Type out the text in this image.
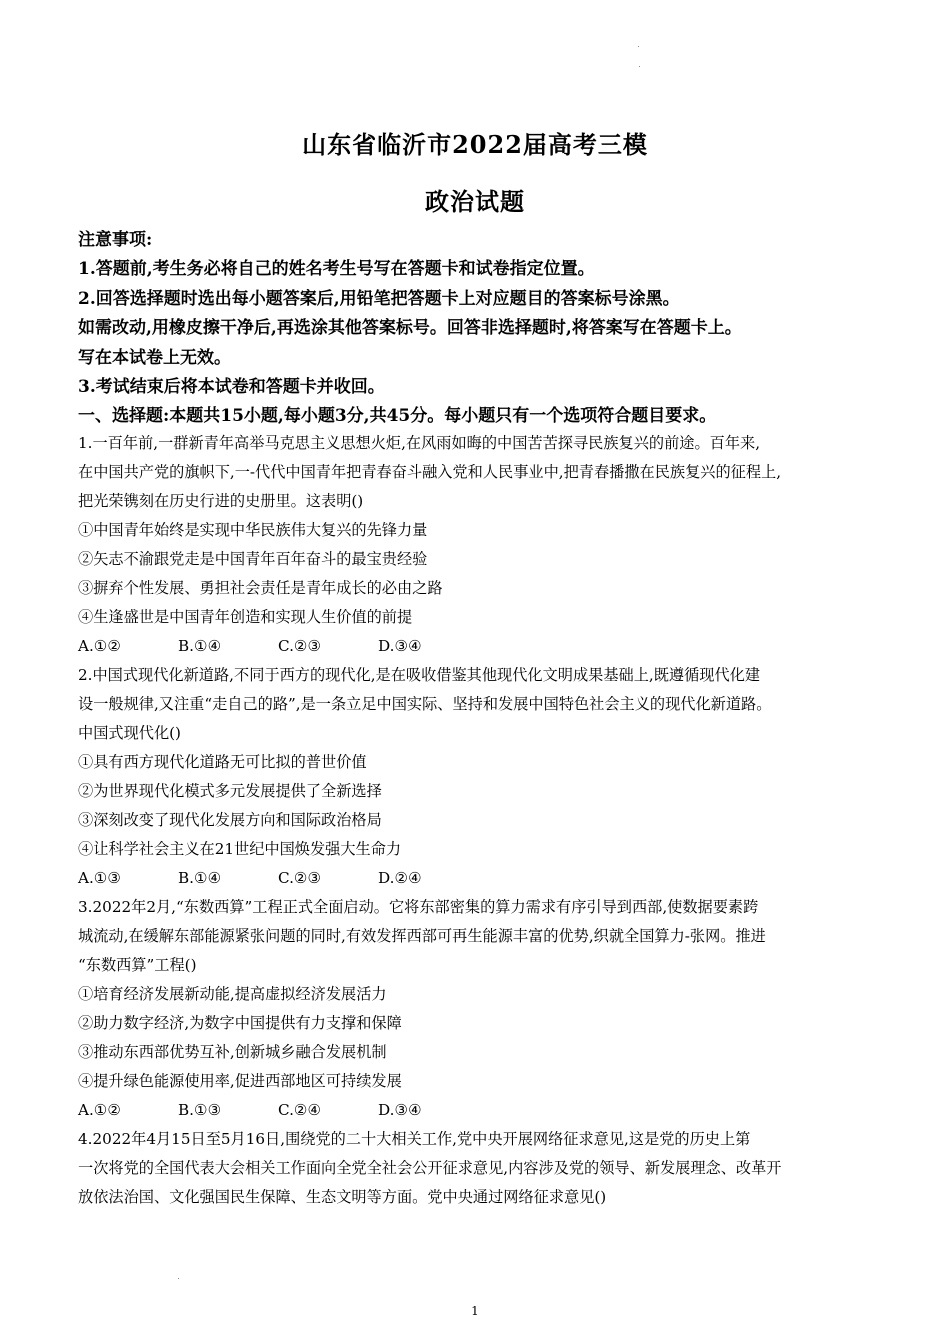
山东省临沂市2022届高考三模
政治试题
注意事项:
1.答题前,考生务必将自己的姓名考生号写在答题卡和试卷指定位置。
2.回答选择题时选出每小题答案后,用铅笔把答题卡上对应题目的答案标号涂黑。
如需改动,用橡皮擦干净后,再选涂其他答案标号。回答非选择题时,将答案写在答题卡上。
写在本试卷上无效。
3.考试结束后将本试卷和答题卡并收回。
一、选择题:本题共15小题,每小题3分,共45分。每小题只有一个选项符合题目要求。
1.一百年前,一群新青年高举马克思主义思想火炬,在风雨如晦的中国苦苦探寻民族复兴的前途。百年来,
在中国共产党的旗帜下,一-代代中国青年把青春奋斗融入党和人民事业中,把青春播撒在民族复兴的征程上,
把光荣镌刻在历史行进的史册里。这表明()
①中国青年始终是实现中华民族伟大复兴的先锋力量
②矢志不渝跟党走是中国青年百年奋斗的最宝贵经验
③摒弃个性发展、勇担社会责任是青年成长的必由之路
④生逢盛世是中国青年创造和实现人生价值的前提
A.①②	B.①④	C.②③	D.③④
2.中国式现代化新道路,不同于西方的现代化,是在吸收借鉴其他现代化文明成果基础上,既遵循现代化建
设一般规律,又注重“走自己的路”,是一条立足中国实际、坚持和发展中国特色社会主义的现代化新道路。
中国式现代化()
①具有西方现代化道路无可比拟的普世价值
②为世界现代化模式多元发展提供了全新选择
③深刻改变了现代化发展方向和国际政治格局
④让科学社会主义在21世纪中国焕发强大生命力
A.①③	B.①④	C.②③	D.②④
3.2022年2月,“东数西算”工程正式全面启动。它将东部密集的算力需求有序引导到西部,使数据要素跨
城流动,在缓解东部能源紧张问题的同时,有效发挥西部可再生能源丰富的优势,织就全国算力-张网。推进
“东数西算”工程()
①培育经济发展新动能,提高虚拟经济发展活力
②助力数字经济,为数字中国提供有力支撑和保障
③推动东西部优势互补,创新城乡融合发展机制
④提升绿色能源使用率,促进西部地区可持续发展
A.①②	B.①③	C.②④	D.③④
4.2022年4月15日至5月16日,围绕党的二十大相关工作,党中央开展网络征求意见,这是党的历史上第
一次将党的全国代表大会相关工作面向全党全社会公开征求意见,内容涉及党的领导、新发展理念、改革开
放依法治国、文化强国民生保障、生态文明等方面。党中央通过网络征求意见()
1
